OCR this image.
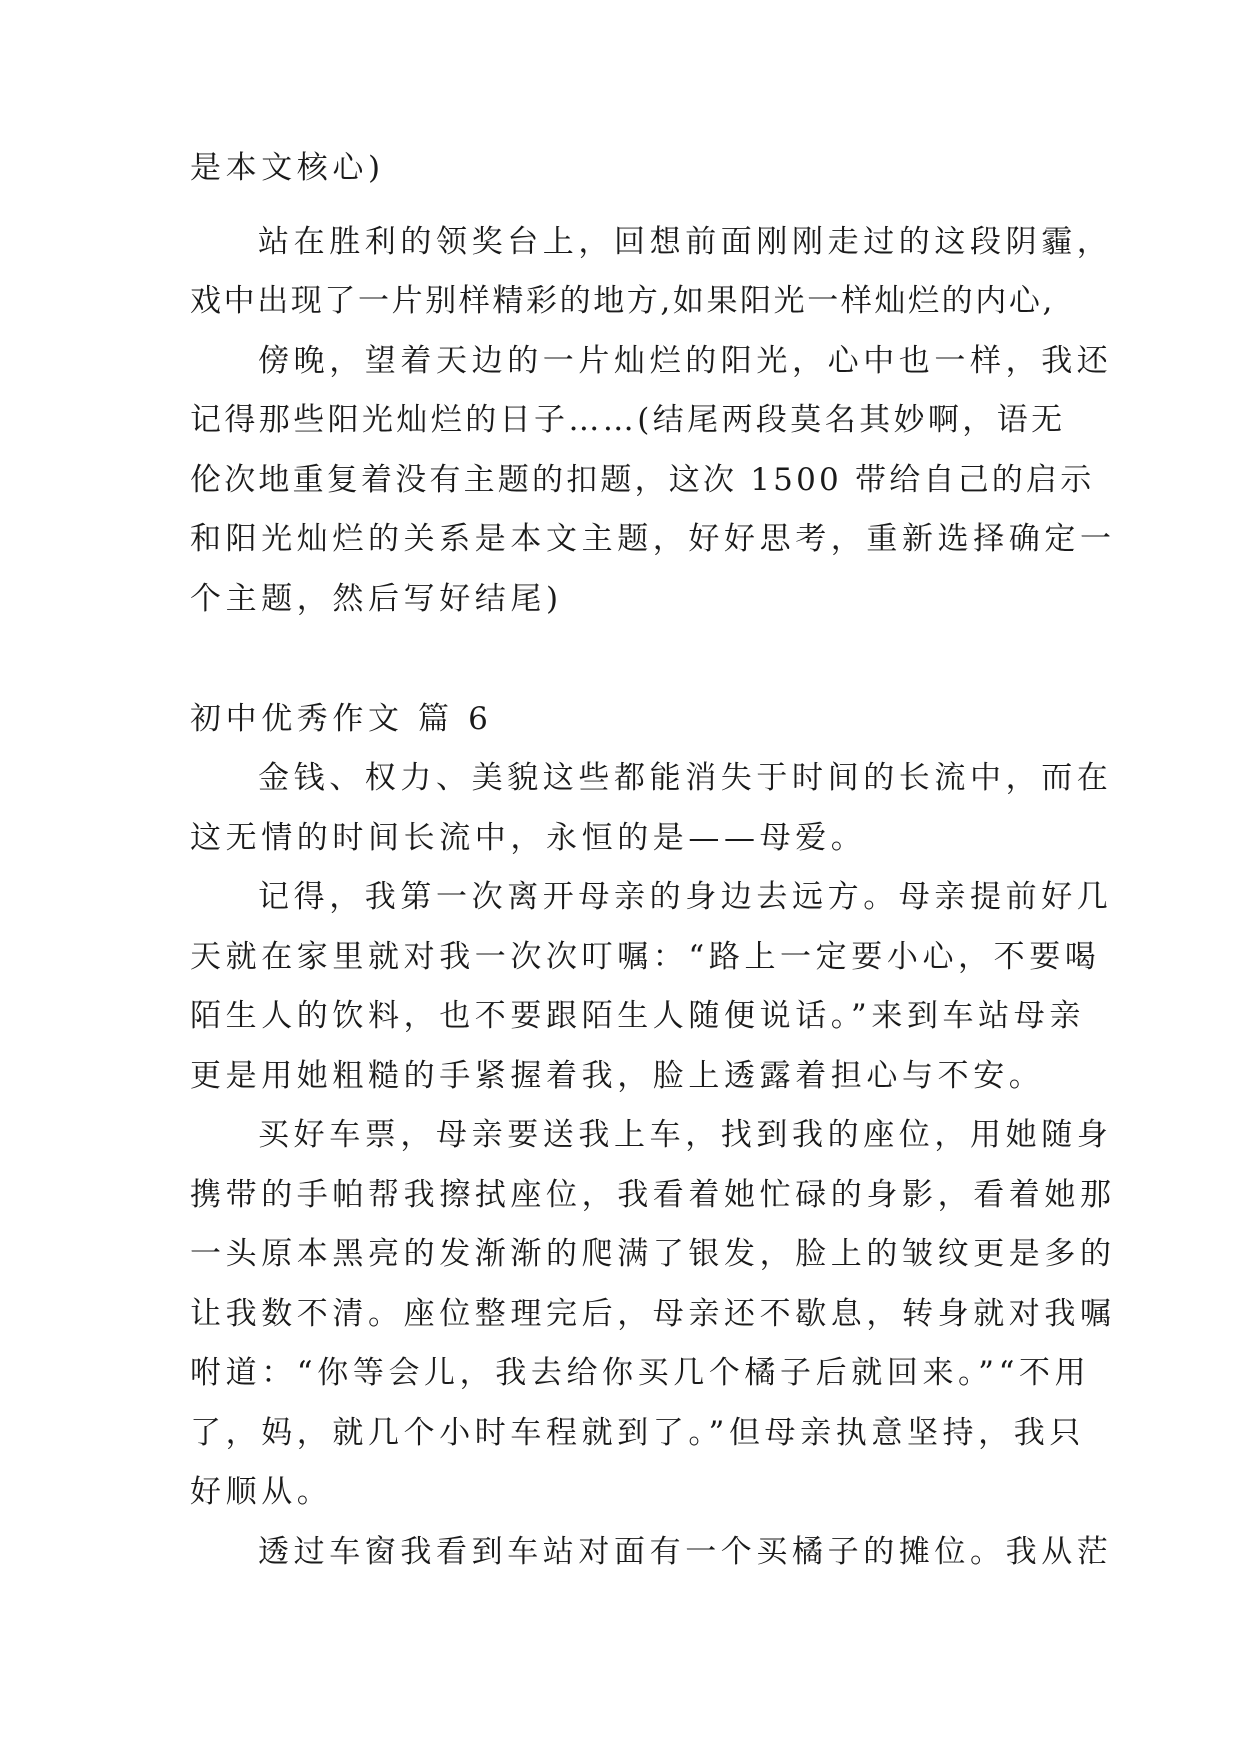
是本文核心)

站在胜利的领奖台上，回想前面刚刚走过的这段阴霾，

戏中出现了一片别样精彩的地方,如果阳光一样灿烂的内心,

傍晚，望着天边的一片灿烂的阳光，心中也一样，我还

记得那些阳光灿烂的日子……(结尾两段莫名其妙啊，语无

伦次地重复着没有主题的扣题，这次 1500 带给自己的启示

和阳光灿烂的关系是本文主题，好好思考，重新选择确定一

个主题，然后写好结尾)

初中优秀作文 篇 6

金钱、权力、美貌这些都能消失于时间的长流中，而在

这无情的时间长流中，永恒的是——母爱。

记得，我第一次离开母亲的身边去远方。母亲提前好几

天就在家里就对我一次次叮嘱：“路上一定要小心，不要喝

陌生人的饮料，也不要跟陌生人随便说话。”来到车站母亲

更是用她粗糙的手紧握着我，脸上透露着担心与不安。

买好车票，母亲要送我上车，找到我的座位，用她随身

携带的手帕帮我擦拭座位，我看着她忙碌的身影，看着她那

一头原本黑亮的发渐渐的爬满了银发，脸上的皱纹更是多的

让我数不清。座位整理完后，母亲还不歇息，转身就对我嘱

咐道：“你等会儿，我去给你买几个橘子后就回来。”“不用

了，妈，就几个小时车程就到了。”但母亲执意坚持，我只

好顺从。

透过车窗我看到车站对面有一个买橘子的摊位。我从茫
